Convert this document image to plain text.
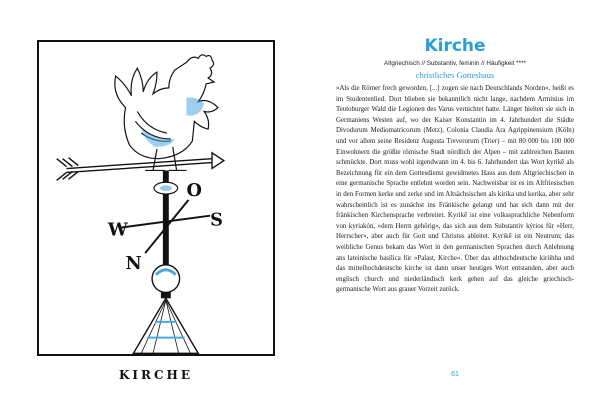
W
N
O
S
KIRCHE
Kirche
Altgriechisch // Substantiv, feminin // Häufigkeit ****
christliches Gotteshaus

»Als die Römer frech geworden, [...] zogen sie nach Deutschlands Norden«, heißt es im Studentenlied. Dort blieben sie bekanntlich nicht lange, nachdem Arminius im Teutoburger Wald die Legionen des Varus vernichtet hatte. Länger hielten sie sich in Germaniens Westen auf, wo der Kaiser Konstantin im 4. Jahrhundert die Städte Divodurum Mediomatricorum (Metz), Colonia Claudia Ara Agrippinensium (Köln) und vor allem seine Residenz Augusta Treverorum (Trier) – mit 80 000 bis 100 000 Einwohnern die größte römische Stadt nördlich der Alpen – mit zahlreichen Bauten schmückte. Dort muss wohl irgendwann im 4. bis 6. Jahrhundert das Wort kyrikē als Bezeichnung für ein dem Gottesdienst gewidmetes Haus aus dem Altgriechischen in eine germanische Sprache entlehnt worden sein. Nachweisbar ist es im Altfriesischen in den Formen kerke und zerke und im Altsächsischen als kirika und kerika, aber sehr wahrscheinlich ist es zunächst ins Fränkische gelangt und hat sich dann mit der fränkischen Kirchensprache verbreitet. Kyrikē ist eine volkssprachliche Nebenform von kyriakón, »dem Herrn gehörig«, das sich aus dem Substantiv kýrios für »Herr, Herrscher«, aber auch für Gott und Christus ableitet. Kyrikē ist ein Neutrum; das weibliche Genus bekam das Wort in den germanischen Sprachen durch Anlehnung ans lateinische basilica für »Palast, Kirche«. Über das althochdeutsche kiriihha und das mittelhochdeutsche kirche ist dann unser heutiges Wort entstanden, aber auch englisch church und niederländisch kerk gehen auf das gleiche griechisch-germanische Wort aus grauer Vorzeit zurück.

61
